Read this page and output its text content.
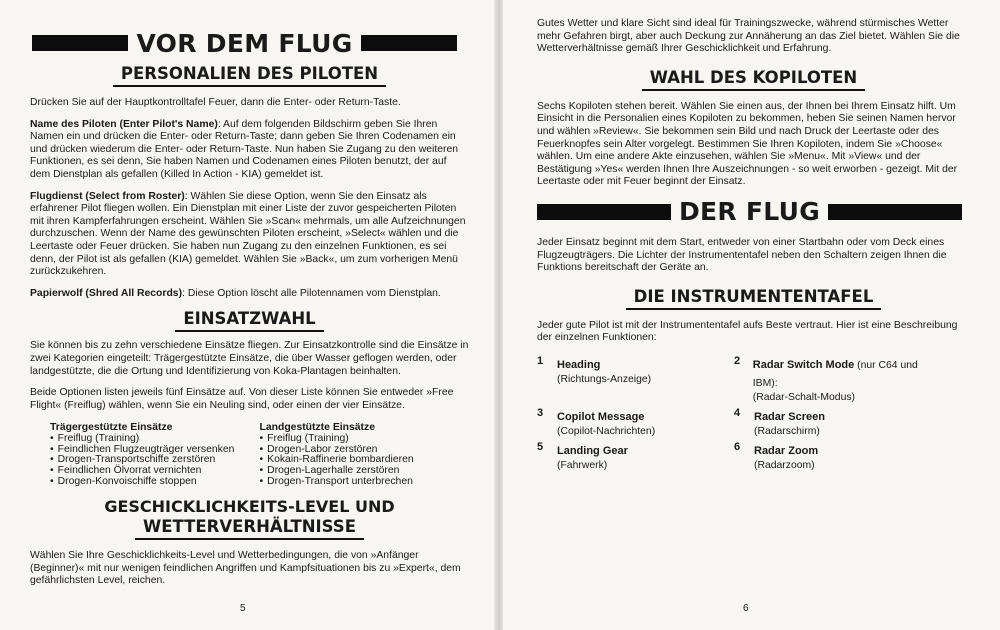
VOR DEM FLUG
PERSONALIEN DES PILOTEN

Drücken Sie auf der Hauptkontrolltafel Feuer, dann die Enter- oder Return-Taste.

Name des Piloten (Enter Pilot's Name): Auf dem folgenden Bildschirm geben Sie Ihren Namen ein und drücken die Enter- oder Return-Taste; dann geben Sie Ihren Codenamen ein und drücken wiederum die Enter- oder Return-Taste. Nun haben Sie Zugang zu den weiteren Funktionen, es sei denn, Sie haben Namen und Codenamen eines Piloten benutzt, der auf dem Dienstplan als gefallen (Killed In Action - KIA) gemeldet ist.

Flugdienst (Select from Roster): Wählen Sie diese Option, wenn Sie den Einsatz als erfahrener Pilot fliegen wollen. Ein Dienstplan mit einer Liste der zuvor gespeicherten Piloten mit ihren Kampferfahrungen erscheint. Wählen Sie »Scan« mehrmals, um alle Aufzeichnungen durchzuschen. Wenn der Name des gewünschten Piloten erscheint, »Select« wählen und die Leertaste oder Feuer drücken. Sie haben nun Zugang zu den einzelnen Funktionen, es sei denn, der Pilot ist als gefallen (KIA) gemeldet. Wählen Sie »Back«, um zum vorherigen Menü zurückzukehren.

Papierwolf (Shred All Records): Diese Option löscht alle Pilotennamen vom Dienstplan.

EINSATZWAHL

Sie können bis zu zehn verschiedene Einsätze fliegen. Zur Einsatzkontrolle sind die Einsätze in zwei Kategorien eingeteilt: Trägergestützte Einsätze, die über Wasser geflogen werden, oder landgestützte, die die Ortung und Identifizierung von Koka-Plantagen beinhalten.

Beide Optionen listen jeweils fünf Einsätze auf. Von dieser Liste können Sie entweder »Free Flight« (Freiflug) wählen, wenn Sie ein Neuling sind, oder einen der vier Einsätze.

Trägergestützte Einsätze
• Freiflug (Training)
• Feindlichen Flugzeugträger versenken
• Drogen-Transportschiffe zerstören
• Feindlichen Ölvorrat vernichten
• Drogen-Konvoischiffe stoppen
Landgestützte Einsätze
• Freiflug (Training)
• Drogen-Labor zerstören
• Kokain-Raffinerie bombardieren
• Drogen-Lagerhalle zerstören
• Drogen-Transport unterbrechen
GESCHICKLICHKEITS-LEVEL UND
WETTERVERHÄLTNISSE

Wählen Sie Ihre Geschicklichkeits-Level und Wetterbedingungen, die von »Anfänger (Beginner)« mit nur wenigen feindlichen Angriffen und Kampfsituationen bis zu »Expert«, dem gefährlichsten Level, reichen.

5

Gutes Wetter und klare Sicht sind ideal für Trainingszwecke, während stürmisches Wetter mehr Gefahren birgt, aber auch Deckung zur Annäherung an das Ziel bietet. Wählen Sie die Wetterverhältnisse gemäß Ihrer Geschicklichkeit und Erfahrung.

WAHL DES KOPILOTEN

Sechs Kopiloten stehen bereit. Wählen Sie einen aus, der Ihnen bei Ihrem Einsatz hilft. Um Einsicht in die Personalien eines Kopiloten zu bekommen, heben Sie seinen Namen hervor und wählen »Review«. Sie bekommen sein Bild und nach Druck der Leertaste oder des Feuerknopfes sein Alter vorgelegt. Bestimmen Sie Ihren Kopiloten, indem Sie »Choose« wählen. Um eine andere Akte einzusehen, wählen Sie »Menu«. Mit »View« und der Bestätigung »Yes« werden Ihnen Ihre Auszeichnungen - so weit erworben - gezeigt. Mit der Leertaste oder mit Feuer beginnt der Einsatz.

DER FLUG

Jeder Einsatz beginnt mit dem Start, entweder von einer Startbahn oder vom Deck eines Flugzeugträgers. Die Lichter der Instrumententafel neben den Schaltern zeigen Ihnen die Funktions bereitschaft der Geräte an.

DIE INSTRUMENTENTAFEL

Jeder gute Pilot ist mit der Instrumententafel aufs Beste vertraut. Hier ist eine Beschreibung der einzelnen Funktionen:

1	Heading
(Richtungs-Anzeige)
2	Radar Switch Mode (nur C64 und IBM):
(Radar-Schalt-Modus)
3	Copilot Message
(Copilot-Nachrichten)
4	Radar Screen
(Radarschirm)
5	Landing Gear
(Fahrwerk)
6	Radar Zoom
(Radarzoom)
6
